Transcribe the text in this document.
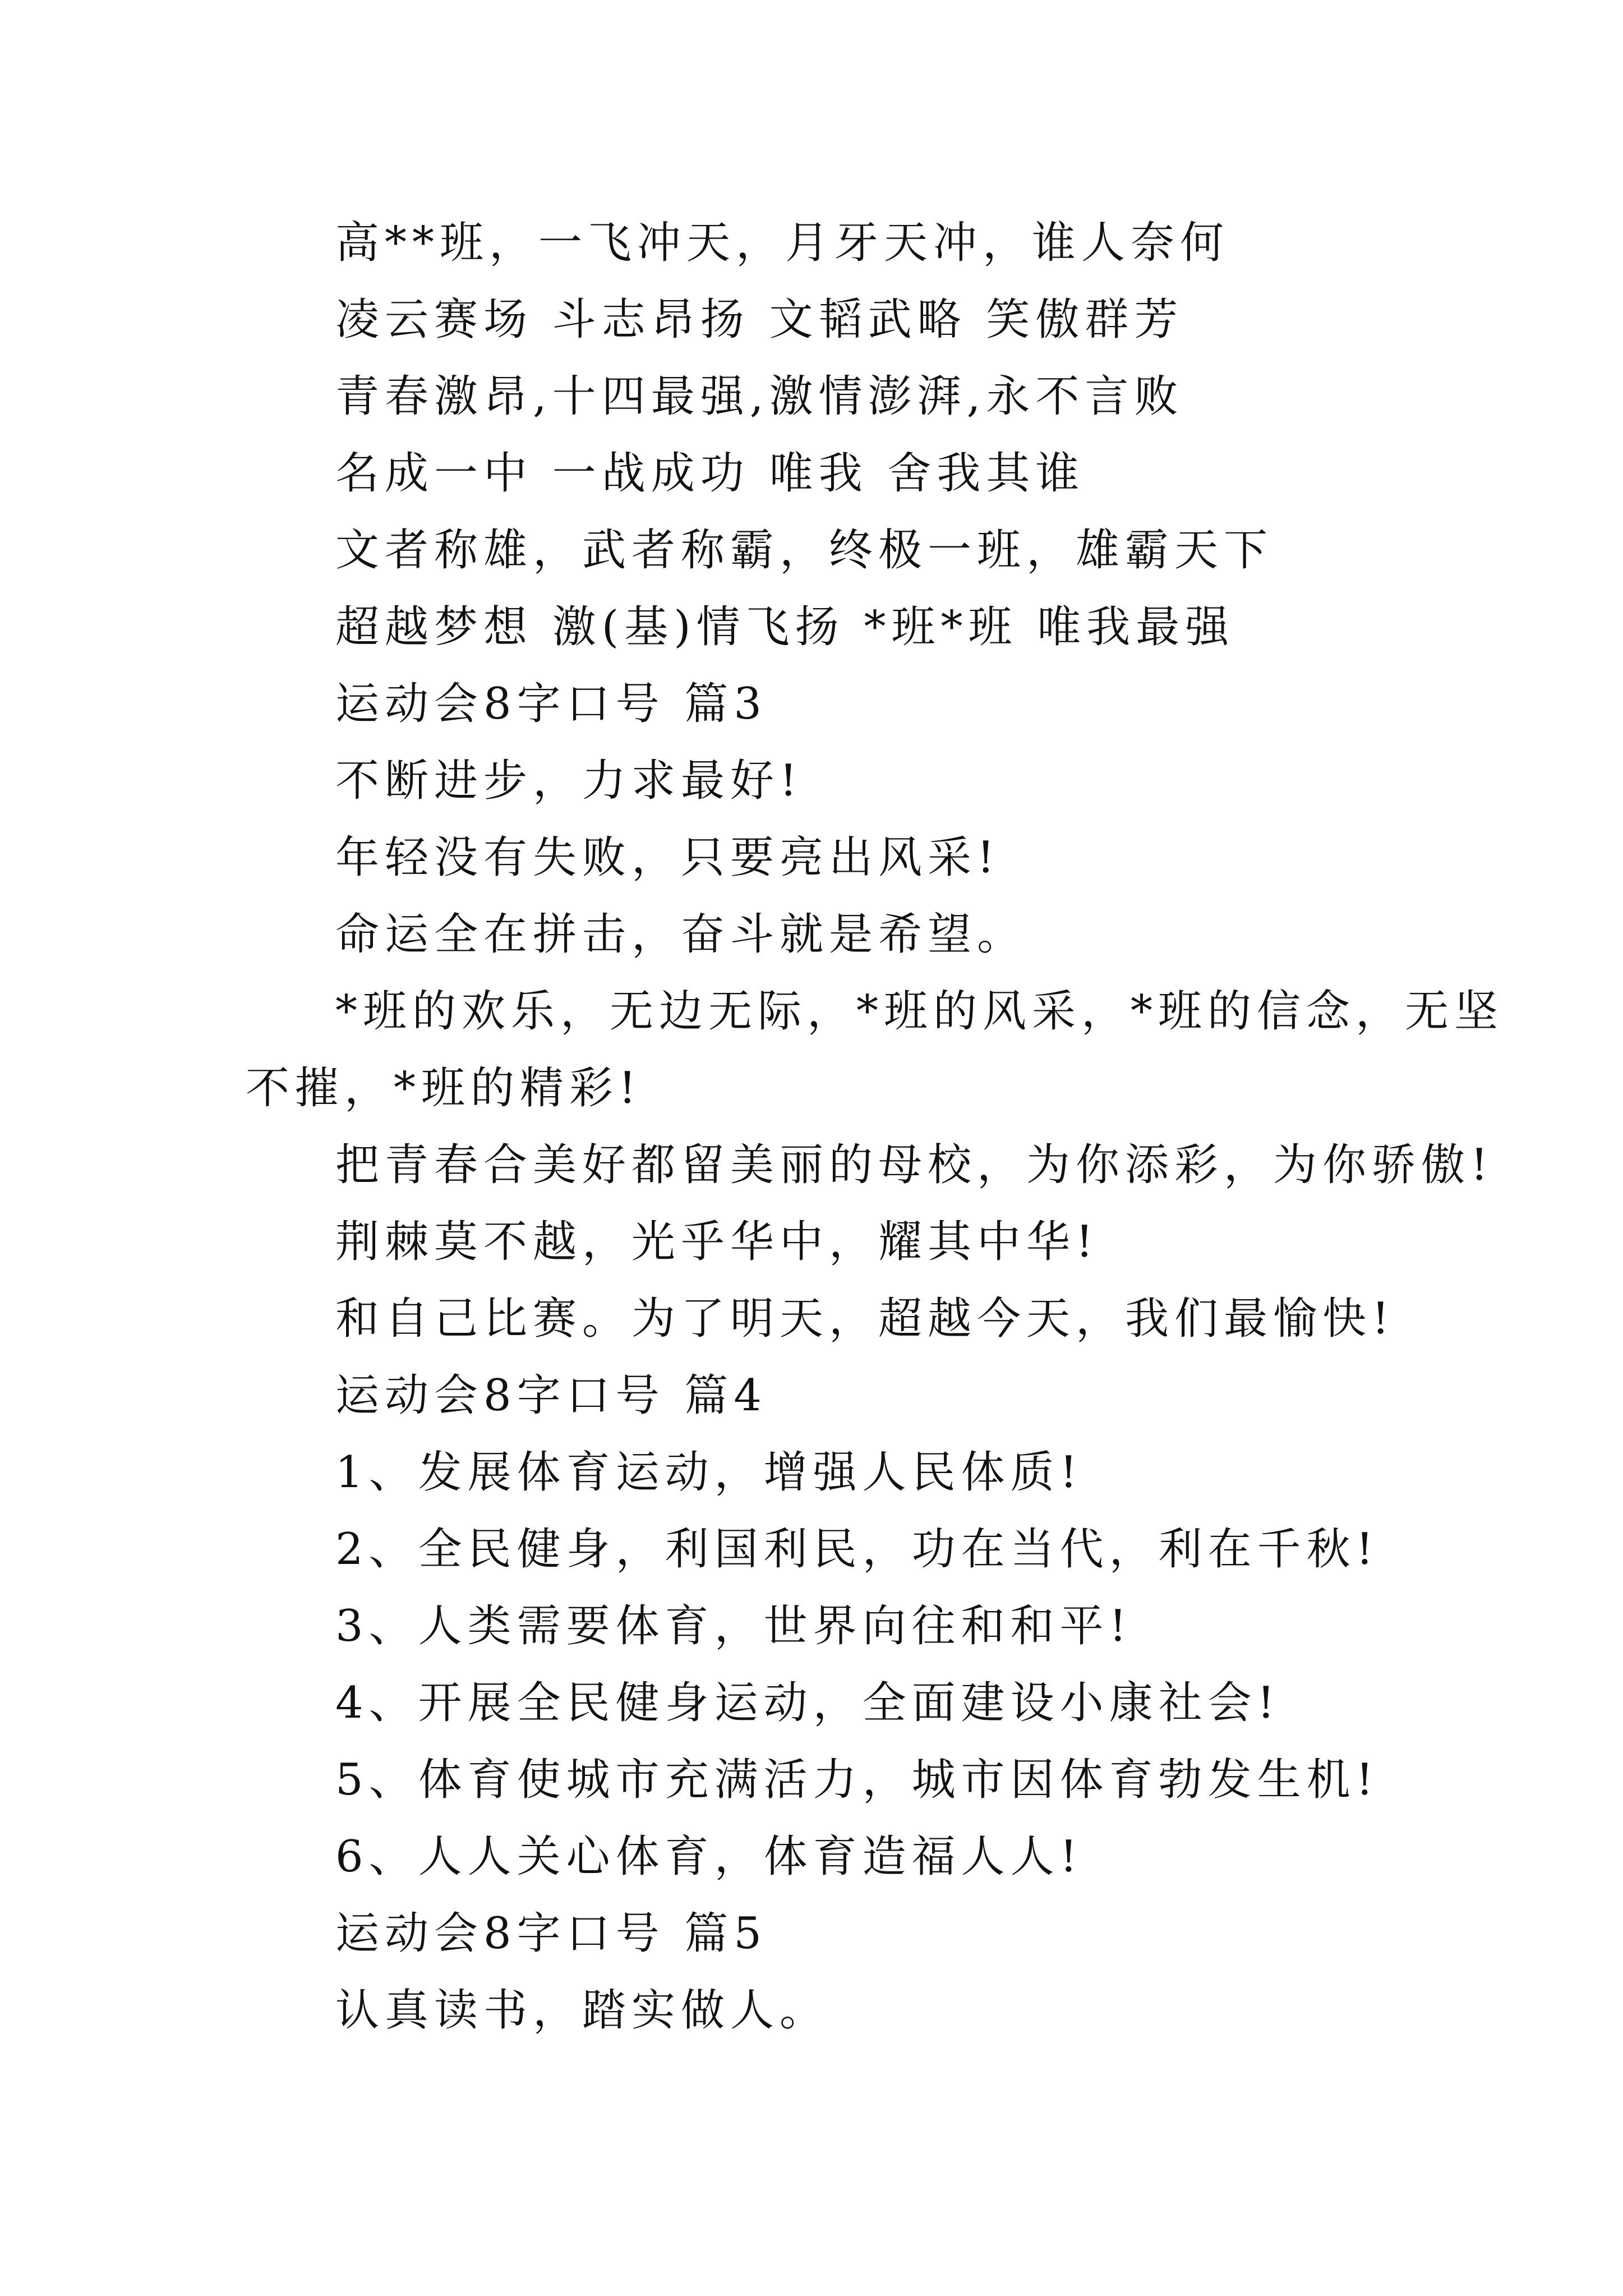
高**班，一飞冲天，月牙天冲，谁人奈何
凌云赛场 斗志昂扬 文韬武略 笑傲群芳
青春激昂,十四最强,激情澎湃,永不言败
名成一中 一战成功 唯我 舍我其谁
文者称雄，武者称霸，终极一班，雄霸天下
超越梦想 激(基)情飞扬 *班*班 唯我最强
运动会8字口号 篇3
不断进步，力求最好!
年轻没有失败，只要亮出风采!
命运全在拼击，奋斗就是希望。
*班的欢乐，无边无际，*班的风采，*班的信念，无坚
不摧，*班的精彩!
把青春合美好都留美丽的母校，为你添彩，为你骄傲!
荆棘莫不越，光乎华中，耀其中华!
和自己比赛。为了明天，超越今天，我们最愉快!
运动会8字口号 篇4
1、发展体育运动，增强人民体质!
2、全民健身，利国利民，功在当代，利在千秋!
3、人类需要体育，世界向往和和平!
4、开展全民健身运动，全面建设小康社会!
5、体育使城市充满活力，城市因体育勃发生机!
6、人人关心体育，体育造福人人!
运动会8字口号 篇5
认真读书，踏实做人。
